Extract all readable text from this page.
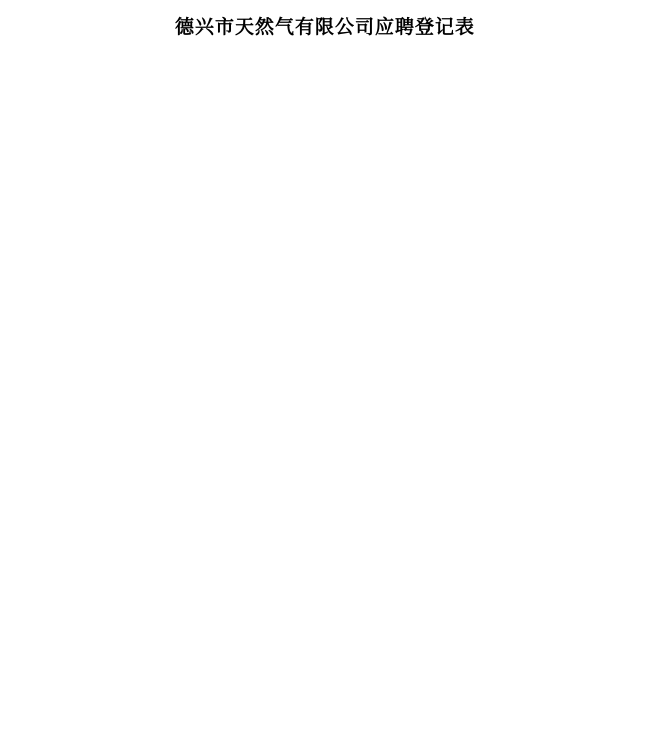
德兴市天然气有限公司应聘登记表
